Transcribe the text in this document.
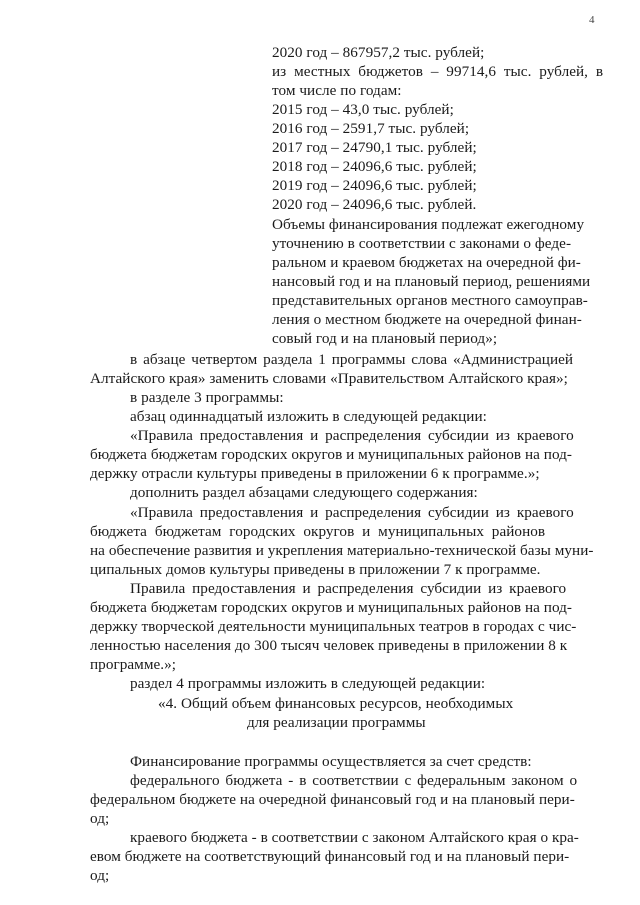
4
2020 год – 867957,2 тыс. рублей;
из местных бюджетов – 99714,6 тыс. рублей, в
том числе по годам:
2015 год – 43,0 тыс. рублей;
2016 год – 2591,7 тыс. рублей;
2017 год – 24790,1 тыс. рублей;
2018 год – 24096,6 тыс. рублей;
2019 год – 24096,6 тыс. рублей;
2020 год – 24096,6 тыс. рублей.
Объемы финансирования подлежат ежегодному
уточнению в соответствии с законами о феде-
ральном и краевом бюджетах на очередной фи-
нансовый год и на плановый период, решениями
представительных органов местного самоуправ-
ления о местном бюджете на очередной финан-
совый год и на плановый период»;
в абзаце четвертом раздела 1 программы слова «Администрацией
Алтайского края» заменить словами «Правительством Алтайского края»;
в разделе 3 программы:
абзац одиннадцатый изложить в следующей редакции:
«Правила предоставления и распределения субсидии из краевого
бюджета бюджетам городских округов и муниципальных районов на под-
держку отрасли культуры приведены в приложении 6 к программе.»;
дополнить раздел абзацами следующего содержания:
«Правила предоставления и распределения субсидии из краевого
бюджета бюджетам городских округов и муниципальных районов
на обеспечение развития и укрепления материально-технической базы муни-
ципальных домов культуры приведены в приложении 7 к программе.
Правила предоставления и распределения субсидии из краевого
бюджета бюджетам городских округов и муниципальных районов на под-
держку творческой деятельности муниципальных театров в городах с чис-
ленностью населения до 300 тысяч человек приведены в приложении 8 к
программе.»;
раздел 4 программы изложить в следующей редакции:
«4. Общий объем финансовых ресурсов, необходимых
для реализации программы
Финансирование программы осуществляется за счет средств:
федерального бюджета - в соответствии с федеральным законом о
федеральном бюджете на очередной финансовый год и на плановый пери-
од;
краевого бюджета - в соответствии с законом Алтайского края о кра-
евом бюджете на соответствующий финансовый год и на плановый пери-
од;
